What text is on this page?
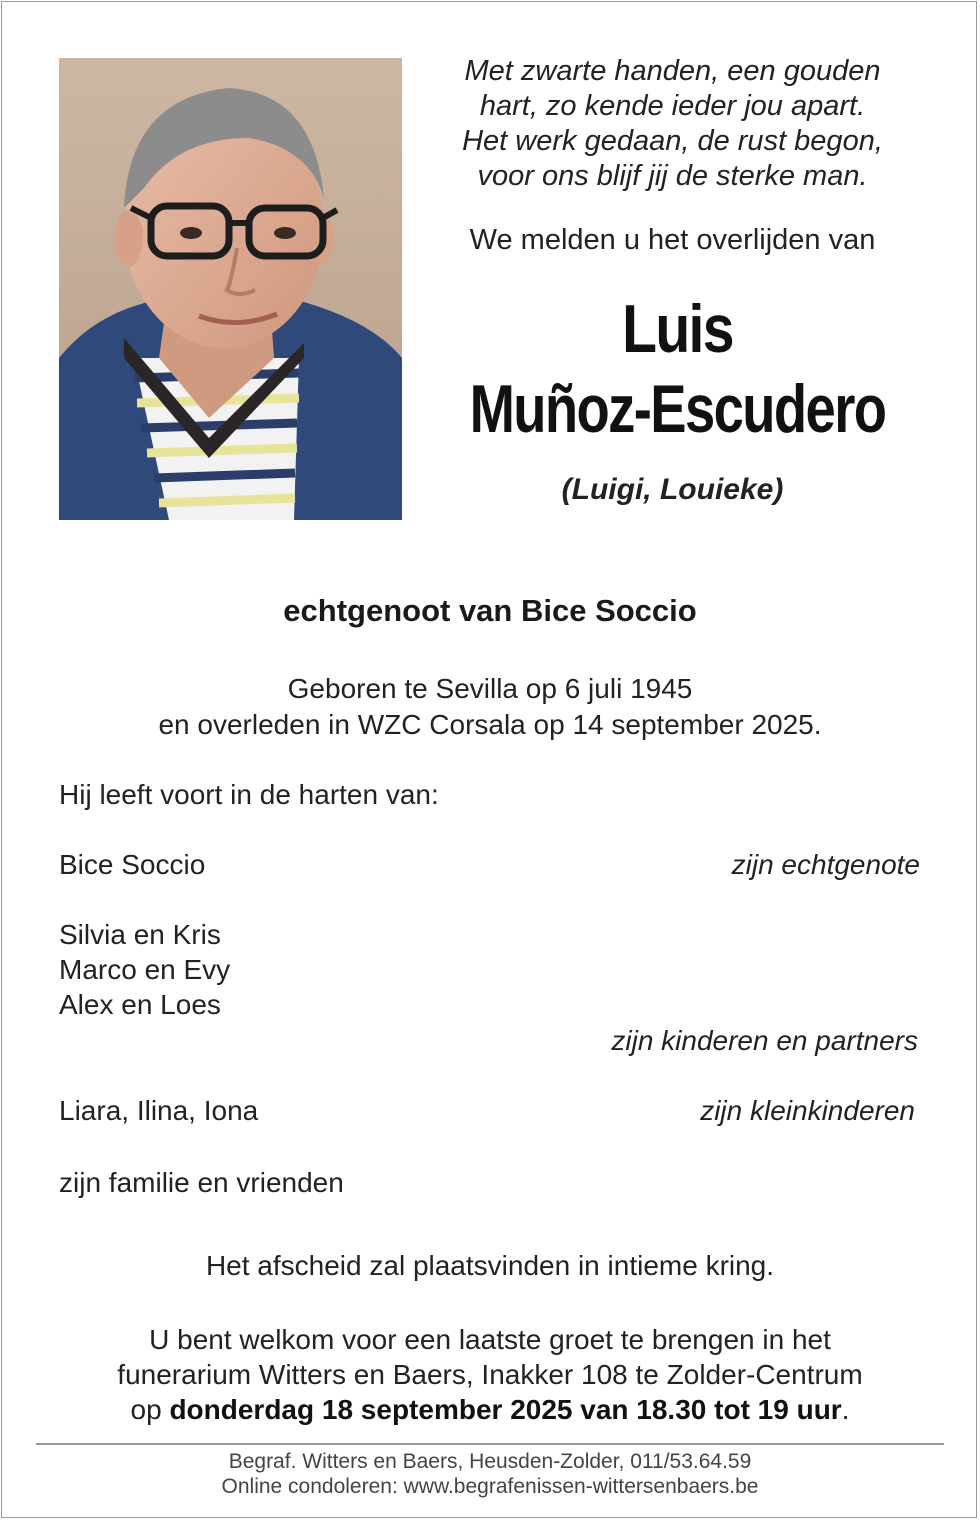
Met zwarte handen, een gouden
hart, zo kende ieder jou apart.
Het werk gedaan, de rust begon,
voor ons blijf jij de sterke man.
We melden u het overlijden van
Luis
Muñoz-Escudero
(Luigi, Louieke)
echtgenoot van Bice Soccio
Geboren te Sevilla op 6 juli 1945
en overleden in WZC Corsala op 14 september 2025.
Hij leeft voort in de harten van:
Bice Soccio	zijn echtgenote
Silvia en Kris
Marco en Evy
Alex en Loes
zijn kinderen en partners
Liara, Ilina, Iona	zijn kleinkinderen
zijn familie en vrienden
Het afscheid zal plaatsvinden in intieme kring.
U bent welkom voor een laatste groet te brengen in het
funerarium Witters en Baers, Inakker 108 te Zolder-Centrum
op donderdag 18 september 2025 van 18.30 tot 19 uur.
Begraf. Witters en Baers, Heusden-Zolder, 011/53.64.59
Online condoleren: www.begrafenissen-wittersenbaers.be
